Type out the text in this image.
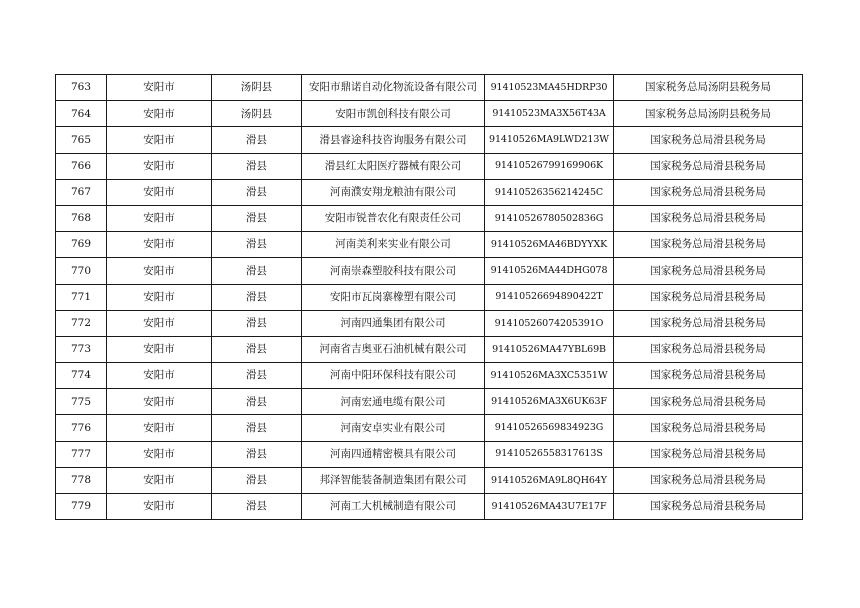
763	安阳市	汤阴县	安阳市鼎诺自动化物流设备有限公司	91410523MA45HDRP30	国家税务总局汤阴县税务局
764	安阳市	汤阴县	安阳市凯创科技有限公司	91410523MA3X56T43A	国家税务总局汤阴县税务局
765	安阳市	滑县	滑县睿途科技咨询服务有限公司	91410526MA9LWD213W	国家税务总局滑县税务局
766	安阳市	滑县	滑县红太阳医疗器械有限公司	91410526799169906K	国家税务总局滑县税务局
767	安阳市	滑县	河南濮安翔龙粮油有限公司	91410526356214245C	国家税务总局滑县税务局
768	安阳市	滑县	安阳市锐普农化有限责任公司	91410526780502836G	国家税务总局滑县税务局
769	安阳市	滑县	河南美利来实业有限公司	91410526MA46BDYYXK	国家税务总局滑县税务局
770	安阳市	滑县	河南崇森塑胶科技有限公司	91410526MA44DHG078	国家税务总局滑县税务局
771	安阳市	滑县	安阳市瓦岗寨橡塑有限公司	91410526694890422T	国家税务总局滑县税务局
772	安阳市	滑县	河南四通集团有限公司	91410526074205391O	国家税务总局滑县税务局
773	安阳市	滑县	河南省吉奥亚石油机械有限公司	91410526MA47YBL69B	国家税务总局滑县税务局
774	安阳市	滑县	河南中阳环保科技有限公司	91410526MA3XC5351W	国家税务总局滑县税务局
775	安阳市	滑县	河南宏通电缆有限公司	91410526MA3X6UK63F	国家税务总局滑县税务局
776	安阳市	滑县	河南安卓实业有限公司	91410526569834923G	国家税务总局滑县税务局
777	安阳市	滑县	河南四通精密模具有限公司	91410526558317613S	国家税务总局滑县税务局
778	安阳市	滑县	邦泽智能装备制造集团有限公司	91410526MA9L8QH64Y	国家税务总局滑县税务局
779	安阳市	滑县	河南工大机械制造有限公司	91410526MA43U7E17F	国家税务总局滑县税务局
